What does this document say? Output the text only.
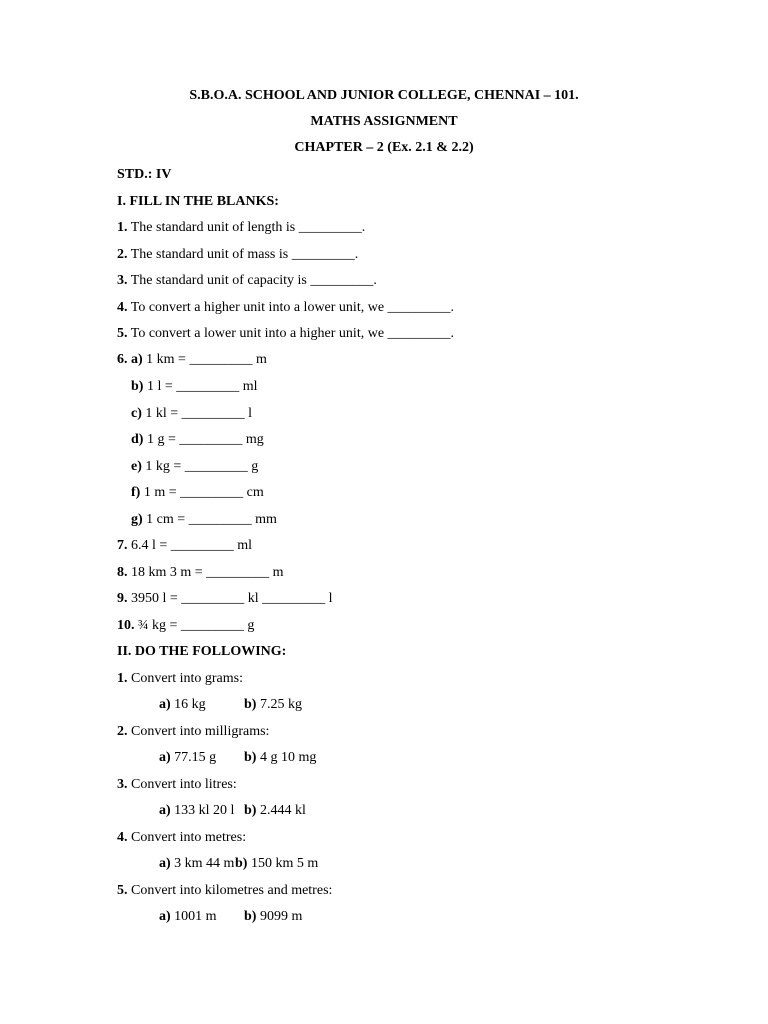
S.B.O.A. SCHOOL AND JUNIOR COLLEGE, CHENNAI – 101.
MATHS ASSIGNMENT
CHAPTER – 2 (Ex. 2.1 & 2.2)
STD.: IV
I. FILL IN THE BLANKS:
1. The standard unit of length is _________.
2. The standard unit of mass is _________.
3. The standard unit of capacity is _________.
4. To convert a higher unit into a lower unit, we _________.
5. To convert a lower unit into a higher unit, we _________.
6. a) 1 km = _________ m
b) 1 l = _________ ml
c) 1 kl = _________ l
d) 1 g = _________ mg
e) 1 kg = _________ g
f) 1 m = _________ cm
g) 1 cm = _________ mm
7. 6.4 l = _________ ml
8. 18 km 3 m = _________ m
9. 3950 l = _________ kl _________ l
10. ¾ kg = _________ g
II. DO THE FOLLOWING:
1. Convert into grams:
a) 16 kg	b) 7.25 kg
2. Convert into milligrams:
a) 77.15 g b) 4 g 10 mg
3. Convert into litres:
a) 133 kl 20 l b) 2.444 kl
4. Convert into metres:
a) 3 km 44 m b) 150 km 5 m
5. Convert into kilometres and metres:
a) 1001 m b) 9099 m
